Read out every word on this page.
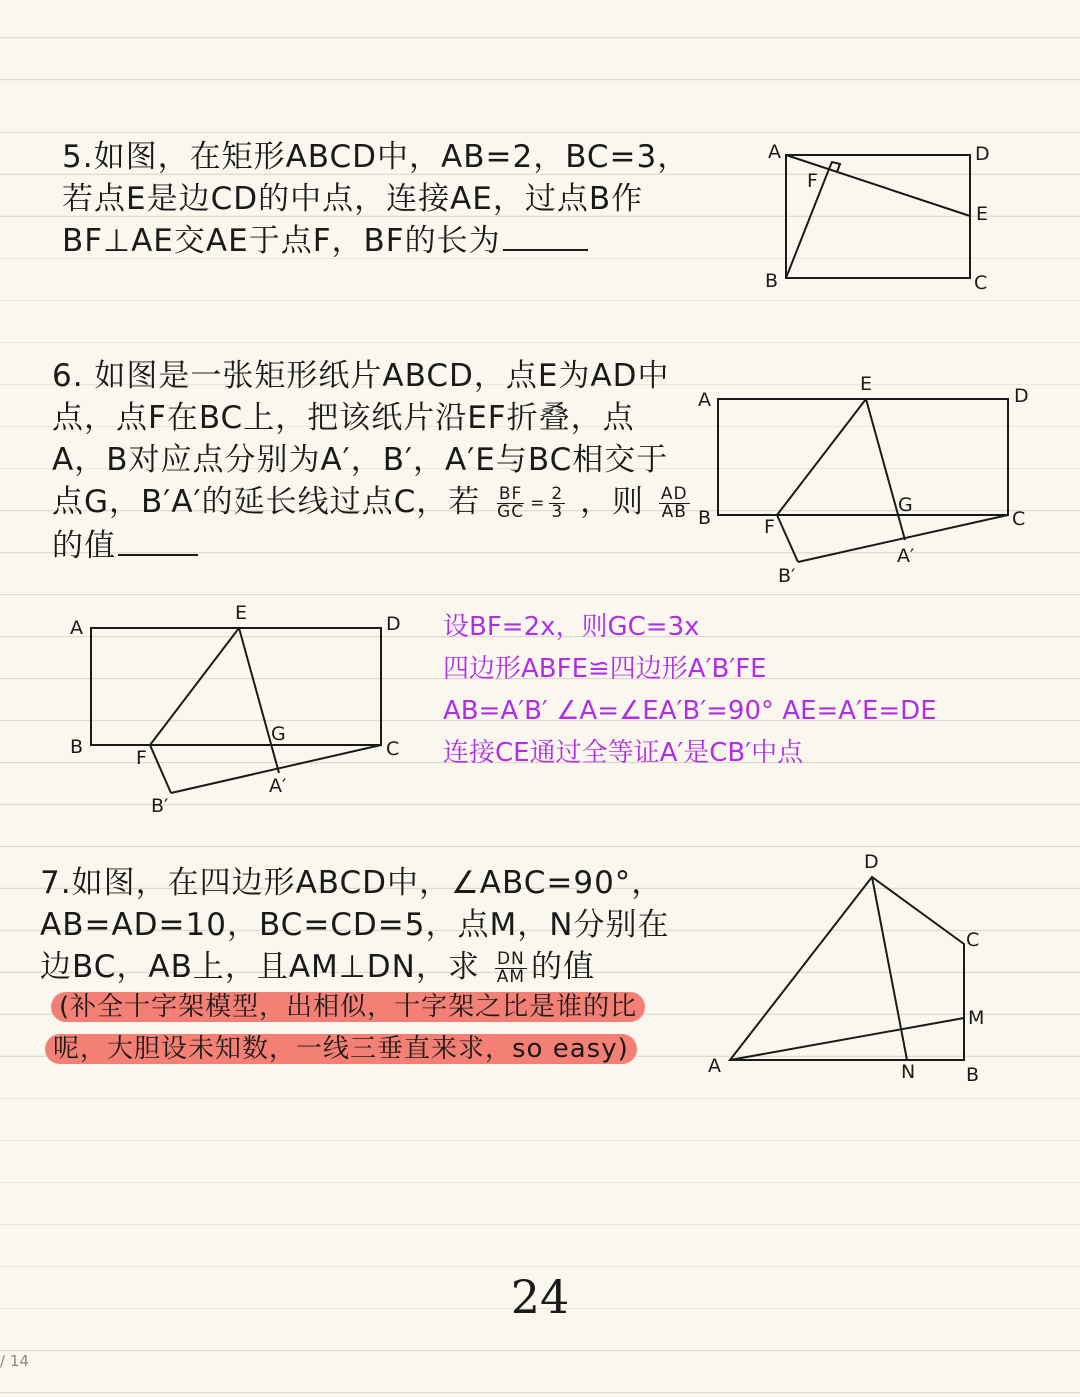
5.如图，在矩形ABCD中，AB=2，BC=3，
若点E是边CD的中点，连接AE，过点B作
BF⊥AE交AE于点F，BF的长为
A	D
E
B	C
F
6. 如图是一张矩形纸片ABCD，点E为AD中
点，点F在BC上，把该纸片沿EF折叠，点
A，B对应点分别为A′，B′，A′E与BC相交于
点G，B′A′的延长线过点C，若 $\frac{BF}{GC} = \frac{2}{3}$ ，则 $\frac{AD}{AB}$
的值
A
E
D
B	F
G
C
A′
B′
A
E	D
B	F
G
C
A′
B′
设BF=2x，则GC=3x
四边形ABFE≌四边形A′B′FE
AB=A′B′ ∠A=∠EA′B′=90° AE=A′E=DE
连接CE通过全等证A′是CB′中点
7.如图，在四边形ABCD中，∠ABC=90°，
AB=AD=10，BC=CD=5，点M，N分别在
边BC，AB上，且AM⊥DN，求 $\frac{DN}{AM}$ 的值
(补全十字架模型，出相似，十字架之比是谁的比
呢，大胆设未知数，一线三垂直来求，so easy)
D
C
M
A	N	B
24
/ 14
